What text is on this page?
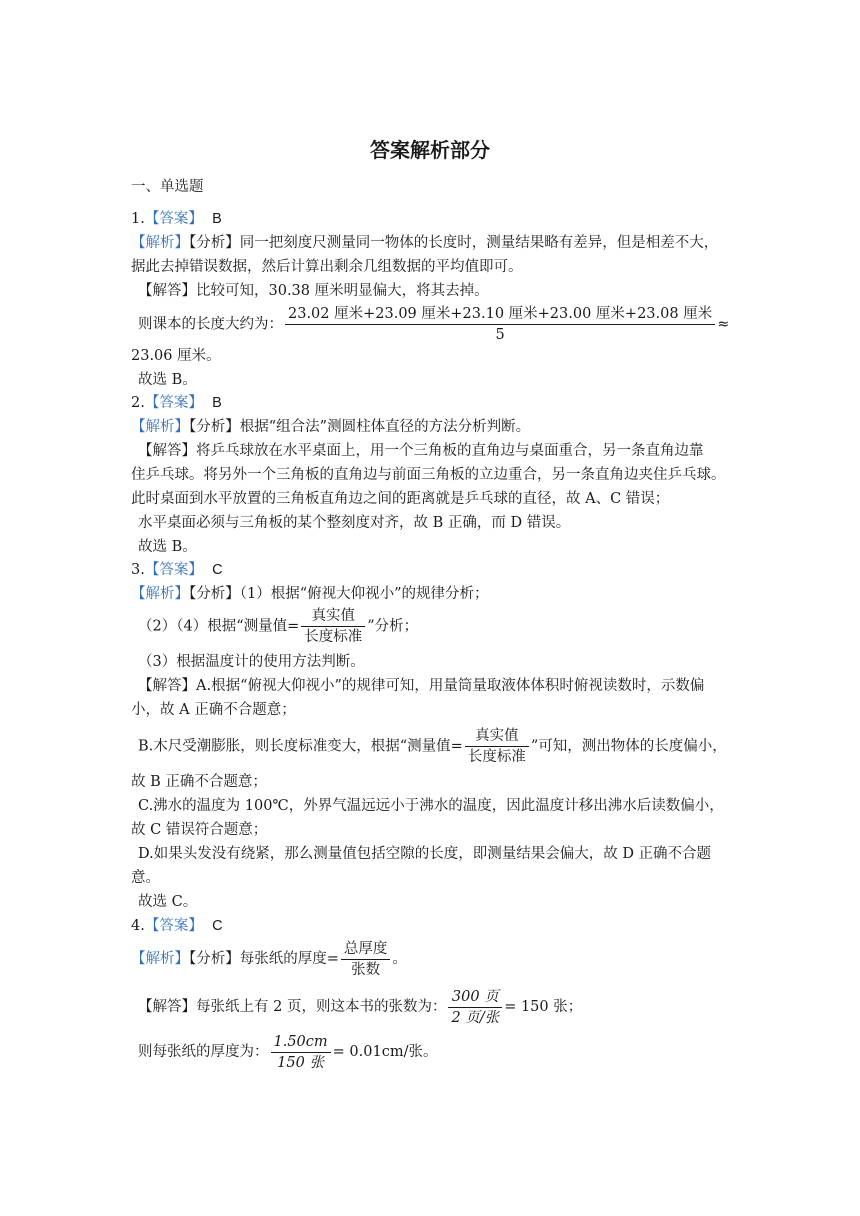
答案解析部分
一、单选题
1.【答案】 B
【解析】【分析】同一把刻度尺测量同一物体的长度时，测量结果略有差异，但是相差不大，
据此去掉错误数据，然后计算出剩余几组数据的平均值即可。
【解答】比较可知，30.38 厘米明显偏大，将其去掉。
则课本的长度大约为： $\frac{\text{23.02 厘米+23.09 厘米+23.10 厘米+23.00 厘米+23.08 厘米}}{5}$ ≈
23.06 厘米。
故选 B。
2.【答案】 B
【解析】【分析】根据“组合法”测圆柱体直径的方法分析判断。
【解答】将乒乓球放在水平桌面上，用一个三角板的直角边与桌面重合，另一条直角边靠
住乒乓球。将另外一个三角板的直角边与前面三角板的立边重合，另一条直角边夹住乒乓球。
此时桌面到水平放置的三角板直角边之间的距离就是乒乓球的直径，故 A、C 错误；
水平桌面必须与三角板的某个整刻度对齐，故 B 正确，而 D 错误。
故选 B。
3.【答案】 C
【解析】【分析】（1）根据“俯视大仰视小”的规律分析；
（2）（4）根据“测量值= $\frac{\text{真实值}}{\text{长度标准}}$ ”分析；
（3）根据温度计的使用方法判断。
【解答】A.根据“俯视大仰视小”的规律可知，用量筒量取液体体积时俯视读数时，示数偏
小，故 A 正确不合题意；
B.木尺受潮膨胀，则长度标准变大，根据“测量值= $\frac{\text{真实值}}{\text{长度标准}}$ ”可知，测出物体的长度偏小，
故 B 正确不合题意；
C.沸水的温度为 100℃，外界气温远远小于沸水的温度，因此温度计移出沸水后读数偏小，
故 C 错误符合题意；
D.如果头发没有绕紧，那么测量值包括空隙的长度，即测量结果会偏大，故 D 正确不合题
意。
故选 C。
4.【答案】 C
【解析】【分析】每张纸的厚度= $\frac{\text{总厚度}}{\text{张数}}$ 。
【解答】每张纸上有 2 页，则这本书的张数为： $\frac{\text{300 页}}{\text{2 页/张}} = 150$ 张；
则每张纸的厚度为： $\frac{1.50cm}{\text{150 张}} = 0.01cm/$张。
